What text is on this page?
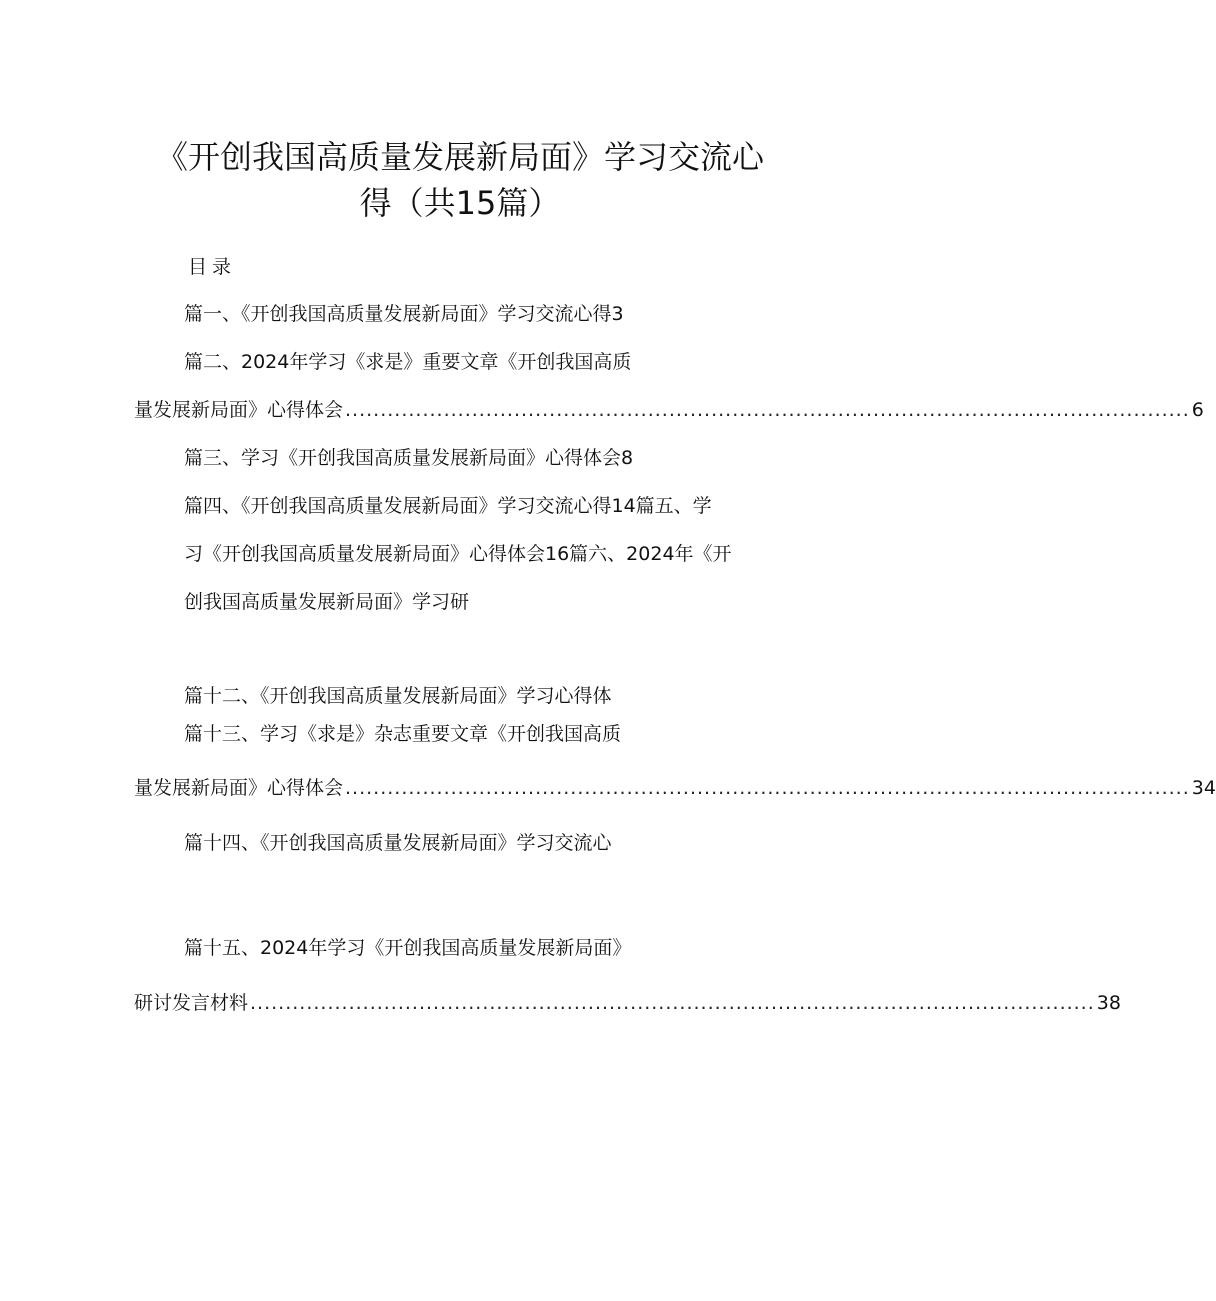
《开创我国高质量发展新局面》学习交流心
得（共15篇）
目录
篇一、《开创我国高质量发展新局面》学习交流心得3
篇二、2024年学习《求是》重要文章《开创我国高质
量发展新局面》心得体会 ........................................................................................................................ 6
篇三、学习《开创我国高质量发展新局面》心得体会8
篇四、《开创我国高质量发展新局面》学习交流心得14篇五、学
习《开创我国高质量发展新局面》心得体会16篇六、2024年《开
创我国高质量发展新局面》学习研
篇十二、《开创我国高质量发展新局面》学习心得体
篇十三、学习《求是》杂志重要文章《开创我国高质
量发展新局面》心得体会 ........................................................................................................................ 34
篇十四、《开创我国高质量发展新局面》学习交流心
篇十五、2024年学习《开创我国高质量发展新局面》
研讨发言材料 ........................................................................................................................ 38
